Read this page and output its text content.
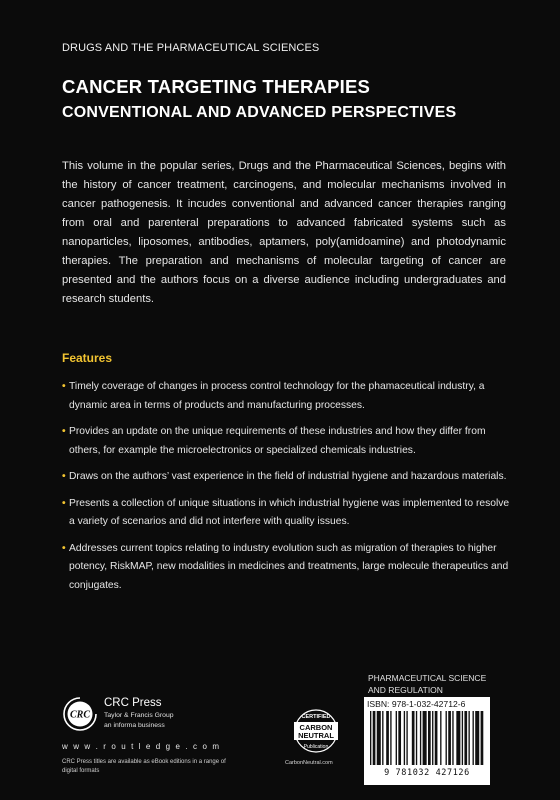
DRUGS AND THE PHARMACEUTICAL SCIENCES
CANCER TARGETING THERAPIES
CONVENTIONAL AND ADVANCED PERSPECTIVES

This volume in the popular series, Drugs and the Pharmaceutical Sciences, begins with the history of cancer treatment, carcinogens, and molecular mechanisms involved in cancer pathogenesis. It incudes conventional and advanced cancer therapies ranging from oral and parenteral preparations to advanced fabricated systems such as nanoparticles, liposomes, antibodies, aptamers, poly(amidoamine) and photodynamic therapies. The preparation and mechanisms of molecular targeting of cancer are presented and the authors focus on a diverse audience including undergraduates and research students.

Features
• Timely coverage of changes in process control technology for the phamaceutical industry, a dynamic area in terms of products and manufacturing processes.
• Provides an update on the unique requirements of these industries and how they differ from others, for example the microelectronics or specialized chemicals industries.
• Draws on the authors’ vast experience in the field of industrial hygiene and hazardous materials.
• Presents a collection of unique situations in which industrial hygiene was implemented to resolve a variety of scenarios and did not interfere with quality issues.
• Addresses current topics relating to industry evolution such as migration of therapies to higher potency, RiskMAP, new modalities in medicines and treatments, large molecule therapeutics and conjugates.
CRC
CRC Press
Taylor & Francis Group
an informa business
w w w . r o u t l e d g e . c o m
CRC Press titles are available as eBook editions in a range of digital formats
CERTIFIED
CARBON
NEUTRAL
Publication
CarbonNeutral.com
PHARMACEUTICAL SCIENCE AND REGULATION
ISBN: 978-1-032-42712-6
9 781032 427126
